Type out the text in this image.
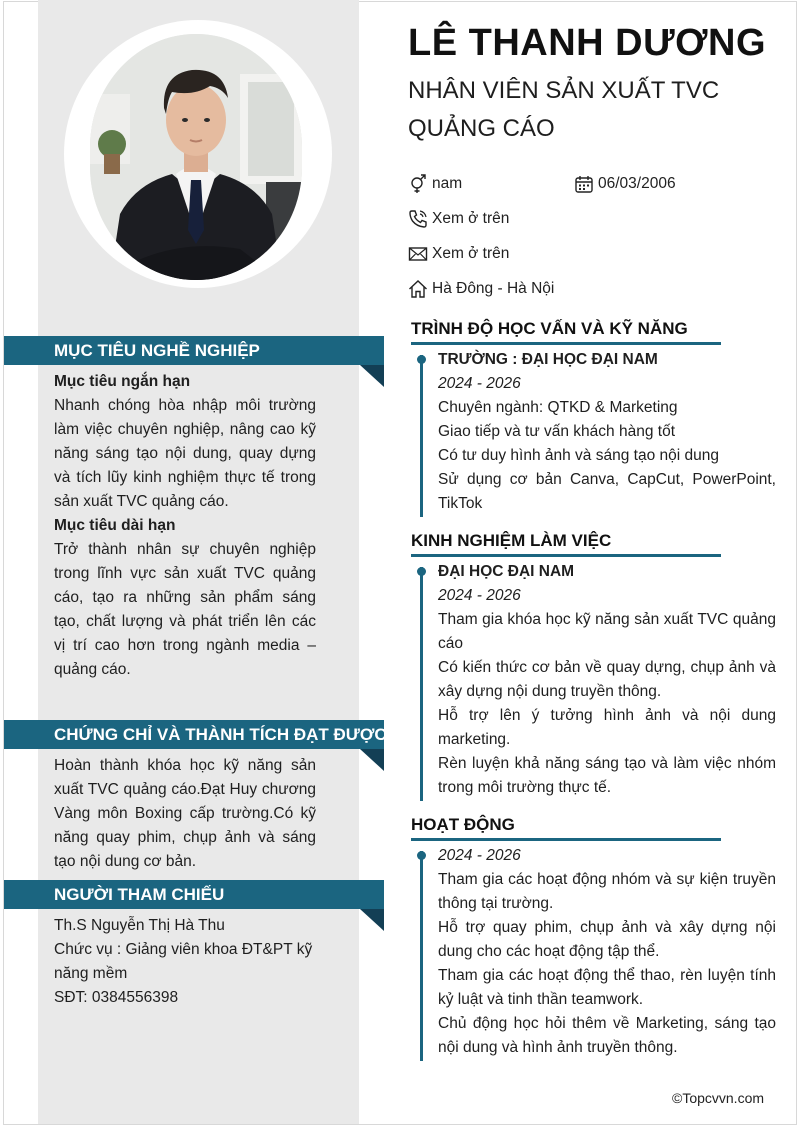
LÊ THANH DƯƠNG
NHÂN VIÊN SẢN XUẤT TVC QUẢNG CÁO
nam	06/03/2006
Xem ở trên
Xem ở trên
Hà Đông - Hà Nội
MỤC TIÊU NGHỀ NGHIỆP
Mục tiêu ngắn hạn
Nhanh chóng hòa nhập môi trường làm việc chuyên nghiệp, nâng cao kỹ năng sáng tạo nội dung, quay dựng và tích lũy kinh nghiệm thực tế trong sản xuất TVC quảng cáo.
Mục tiêu dài hạn
Trở thành nhân sự chuyên nghiệp trong lĩnh vực sản xuất TVC quảng cáo, tạo ra những sản phẩm sáng tạo, chất lượng và phát triển lên các vị trí cao hơn trong ngành media – quảng cáo.
CHỨNG CHỈ VÀ THÀNH TÍCH ĐẠT ĐƯỢC
Hoàn thành khóa học kỹ năng sản xuất TVC quảng cáo.Đạt Huy chương Vàng môn Boxing cấp trường.Có kỹ năng quay phim, chụp ảnh và sáng tạo nội dung cơ bản.
NGƯỜI THAM CHIẾU
Th.S Nguyễn Thị Hà Thu
Chức vụ : Giảng viên khoa ĐT&PT kỹ năng mềm
SĐT: 0384556398
TRÌNH ĐỘ HỌC VẤN VÀ KỸ NĂNG
TRƯỜNG : ĐẠI HỌC ĐẠI NAM
2024 - 2026
Chuyên ngành: QTKD & Marketing
Giao tiếp và tư vấn khách hàng tốt
Có tư duy hình ảnh và sáng tạo nội dung
Sử dụng cơ bản Canva, CapCut, PowerPoint, TikTok
KINH NGHIỆM LÀM VIỆC
ĐẠI HỌC ĐẠI NAM
2024 - 2026
Tham gia khóa học kỹ năng sản xuất TVC quảng cáo
Có kiến thức cơ bản về quay dựng, chụp ảnh và xây dựng nội dung truyền thông.
Hỗ trợ lên ý tưởng hình ảnh và nội dung marketing.
Rèn luyện khả năng sáng tạo và làm việc nhóm trong môi trường thực tế.
HOẠT ĐỘNG
2024 - 2026
Tham gia các hoạt động nhóm và sự kiện truyền thông tại trường.
Hỗ trợ quay phim, chụp ảnh và xây dựng nội dung cho các hoạt động tập thể.
Tham gia các hoạt động thể thao, rèn luyện tính kỷ luật và tinh thần teamwork.
Chủ động học hỏi thêm về Marketing, sáng tạo nội dung và hình ảnh truyền thông.
©Topcvvn.com
